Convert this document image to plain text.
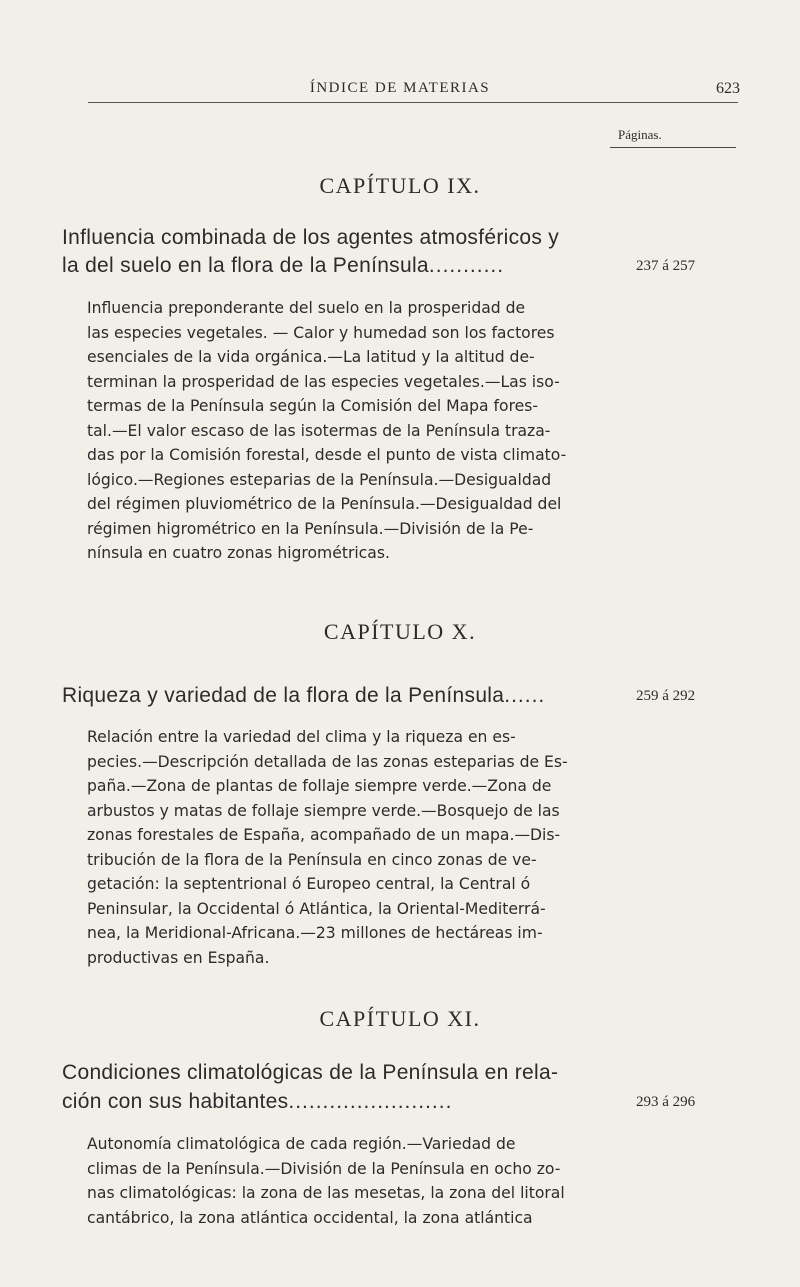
ÍNDICE DE MATERIAS	623
Páginas.
CAPÍTULO IX.
Influencia combinada de los agentes atmosféricos y
la del suelo en la flora de la Península...........	237 á 257
Influencia preponderante del suelo en la prosperidad de
las especies vegetales. — Calor y humedad son los factores
esenciales de la vida orgánica.—La latitud y la altitud de-
terminan la prosperidad de las especies vegetales.—Las iso-
termas de la Península según la Comisión del Mapa fores-
tal.—El valor escaso de las isotermas de la Península traza-
das por la Comisión forestal, desde el punto de vista climato-
lógico.—Regiones esteparias de la Península.—Desigualdad
del régimen pluviométrico de la Península.—Desigualdad del
régimen higrométrico en la Península.—División de la Pe-
nínsula en cuatro zonas higrométricas.
CAPÍTULO X.
Riqueza y variedad de la flora de la Península......	259 á 292
Relación entre la variedad del clima y la riqueza en es-
pecies.—Descripción detallada de las zonas esteparias de Es-
paña.—Zona de plantas de follaje siempre verde.—Zona de
arbustos y matas de follaje siempre verde.—Bosquejo de las
zonas forestales de España, acompañado de un mapa.—Dis-
tribución de la flora de la Península en cinco zonas de ve-
getación: la septentrional ó Europeo central, la Central ó
Peninsular, la Occidental ó Atlántica, la Oriental-Mediterrá-
nea, la Meridional-Africana.—23 millones de hectáreas im-
productivas en España.
CAPÍTULO XI.
Condiciones climatológicas de la Península en rela-
ción con sus habitantes........................	293 á 296
Autonomía climatológica de cada región.—Variedad de
climas de la Península.—División de la Península en ocho zo-
nas climatológicas: la zona de las mesetas, la zona del litoral
cantábrico, la zona atlántica occidental, la zona atlántica
